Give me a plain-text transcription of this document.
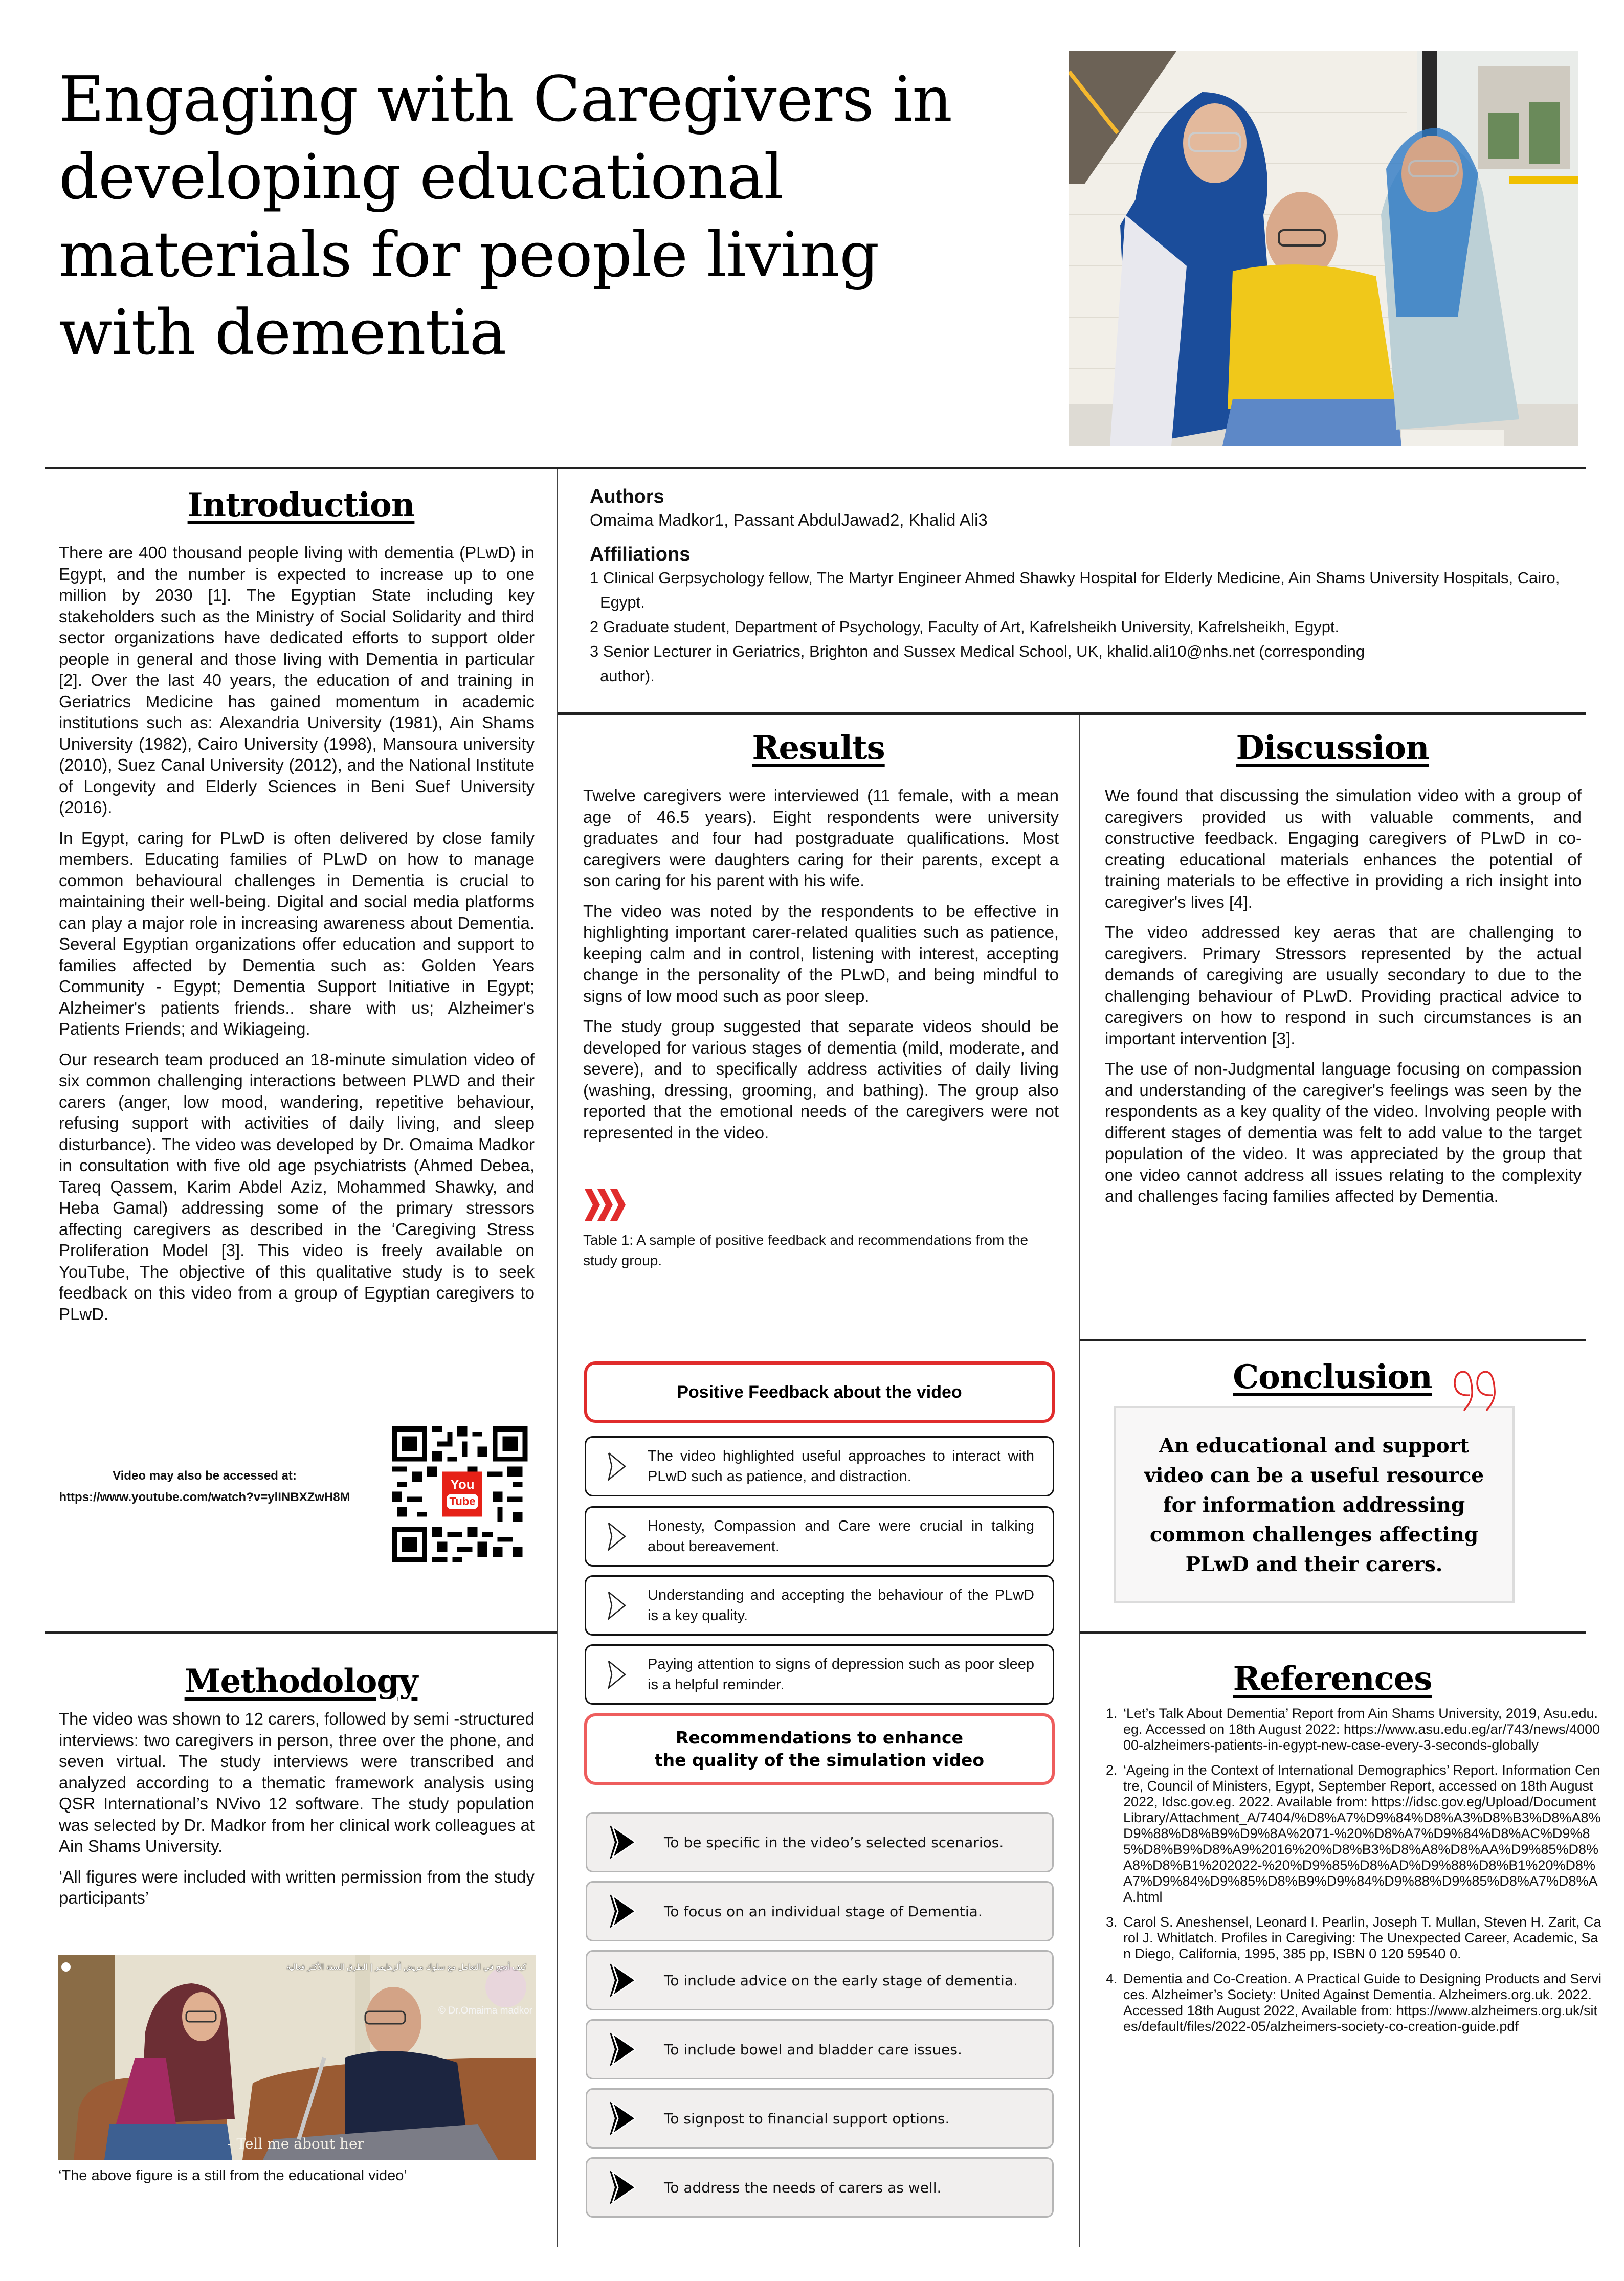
Engaging with Caregivers in
developing educational
materials for people living
with dementia
Authors
Omaima Madkor1, Passant AbdulJawad2, Khalid Ali3
Affiliations
1 Clinical Gerpsychology fellow, The Martyr Engineer Ahmed Shawky Hospital for Elderly Medicine, Ain Shams University Hospitals, Cairo, Egypt.
2 Graduate student, Department of Psychology, Faculty of Art, Kafrelsheikh University, Kafrelsheikh, Egypt.
3 Senior Lecturer in Geriatrics, Brighton and Sussex Medical School, UK, khalid.ali10@nhs.net (corresponding author).
Introduction

There are 400 thousand people living with dementia (PLwD) in Egypt, and the number is expected to increase up to one million by 2030 [1]. The Egyptian State including key stakeholders such as the Ministry of Social Solidarity and third sector organizations have dedicated efforts to support older people in general and those living with Dementia in particular [2]. Over the last 40 years, the education of and training in Geriatrics Medicine has gained momentum in academic institutions such as: Alexandria University (1981), Ain Shams University (1982), Cairo University (1998), Mansoura university (2010), Suez Canal University (2012), and the National Institute of Longevity and Elderly Sciences in Beni Suef University (2016).

In Egypt, caring for PLwD is often delivered by close family members. Educating families of PLwD on how to manage common behavioural challenges in Dementia is crucial to maintaining their well-being. Digital and social media platforms can play a major role in increasing awareness about Dementia. Several Egyptian organizations offer education and support to families affected by Dementia such as: Golden Years Community - Egypt; Dementia Support Initiative in Egypt; Alzheimer's patients friends.. share with us; Alzheimer's Patients Friends; and Wikiageing.

Our research team produced an 18-minute simulation video of six common challenging interactions between PLWD and their carers (anger, low mood, wandering, repetitive behaviour, refusing support with activities of daily living, and sleep disturbance). The video was developed by Dr. Omaima Madkor in consultation with five old age psychiatrists (Ahmed Debea, Tareq Qassem, Karim Abdel Aziz, Mohammed Shawky, and Heba Gamal) addressing some of the primary stressors affecting caregivers as described in the ‘Caregiving Stress Proliferation Model [3]. This video is freely available on YouTube, The objective of this qualitative study is to seek feedback on this video from a group of Egyptian caregivers to PLwD.

Video may also be accessed at:
https://www.youtube.com/watch?v=ylINBXZwH8M
You
Tube
Methodology

The video was shown to 12 carers, followed by semi -structured interviews: two caregivers in person, three over the phone, and seven virtual. The study interviews were transcribed and analyzed according to a thematic framework analysis using QSR International’s NVivo 12 software. The study population was selected by Dr. Madkor from her clinical work colleagues at Ain Shams University.

‘All figures were included with written permission from the study participants’

كيف أنجح في التعامل مع سلوك مريض ألزهايمر | الطرق الستة الأكثر فعالية
© Dr.Omaima madkor
- Tell me about her
‘The above figure is a still from the educational video’
Results

Twelve caregivers were interviewed (11 female, with a mean age of 46.5 years). Eight respondents were university graduates and four had postgraduate qualifications. Most caregivers were daughters caring for their parents, except a son caring for his parent with his wife.

The video was noted by the respondents to be effective in highlighting important carer-related qualities such as patience, keeping calm and in control, listening with interest, accepting change in the personality of the PLwD, and being mindful to signs of low mood such as poor sleep.

The study group suggested that separate videos should be developed for various stages of dementia (mild, moderate, and severe), and to specifically address activities of daily living (washing, dressing, grooming, and bathing). The group also reported that the emotional needs of the caregivers were not represented in the video.

Table 1: A sample of positive feedback and recommendations from the study group.
Positive Feedback about the video
The video highlighted useful approaches to interact with PLwD such as patience, and distraction.
Honesty, Compassion and Care were crucial in talking about bereavement.
Understanding and accepting the behaviour of the PLwD is a key quality.
Paying attention to signs of depression such as poor sleep is a helpful reminder.
Recommendations to enhance
the quality of the simulation video
To be specific in the video’s selected scenarios.
To focus on an individual stage of Dementia.
To include advice on the early stage of dementia.
To include bowel and bladder care issues.
To signpost to financial support options.
To address the needs of carers as well.
Discussion

We found that discussing the simulation video with a group of caregivers provided us with valuable comments, and constructive feedback. Engaging caregivers of PLwD in co-creating educational materials enhances the potential of training materials to be effective in providing a rich insight into caregiver's lives [4].

The video addressed key aeras that are challenging to caregivers. Primary Stressors represented by the actual demands of caregiving are usually secondary to due to the challenging behaviour of PLwD. Providing practical advice to caregivers on how to respond in such circumstances is an important intervention [3].

The use of non-Judgmental language focusing on compassion and understanding of the caregiver's feelings was seen by the respondents as a key quality of the video. Involving people with different stages of dementia was felt to add value to the target population of the video. It was appreciated by the group that one video cannot address all issues relating to the complexity and challenges facing families affected by Dementia.

Conclusion
An educational and support video can be a useful resource for information addressing common challenges affecting PLwD and their carers.
References
1. ‘Let’s Talk About Dementia’ Report from Ain Shams University, 2019, Asu.edu.eg. Accessed on 18th August 2022: https://www.asu.edu.eg/ar/743/news/400000-alzheimers-patients-in-egypt-new-case-every-3-seconds-globally
2. ‘Ageing in the Context of International Demographics’ Report. Information Centre, Council of Ministers, Egypt, September Report, accessed on 18th August 2022, Idsc.gov.eg. 2022. Available from: https://idsc.gov.eg/Upload/DocumentLibrary/Attachment_A/7404/%D8%A7%D9%84%D8%A3%D8%B3%D8%A8%D9%88%D8%B9%D9%8A%2071-%20%D8%A7%D9%84%D8%AC%D9%85%D8%B9%D8%A9%2016%20%D8%B3%D8%A8%D8%AA%D9%85%D8%A8%D8%B1%202022-%20%D9%85%D8%AD%D9%88%D8%B1%20%D8%A7%D9%84%D9%85%D8%B9%D9%84%D9%88%D9%85%D8%A7%D8%AA.html
3. Carol S. Aneshensel, Leonard I. Pearlin, Joseph T. Mullan, Steven H. Zarit, Carol J. Whitlatch. Profiles in Caregiving: The Unexpected Career, Academic, San Diego, California, 1995, 385 pp, ISBN 0 120 59540 0.
4. Dementia and Co-Creation. A Practical Guide to Designing Products and Services. Alzheimer’s Society: United Against Dementia. Alzheimers.org.uk. 2022. Accessed 18th August 2022, Available from: https://www.alzheimers.org.uk/sites/default/files/2022-05/alzheimers-society-co-creation-guide.pdf
